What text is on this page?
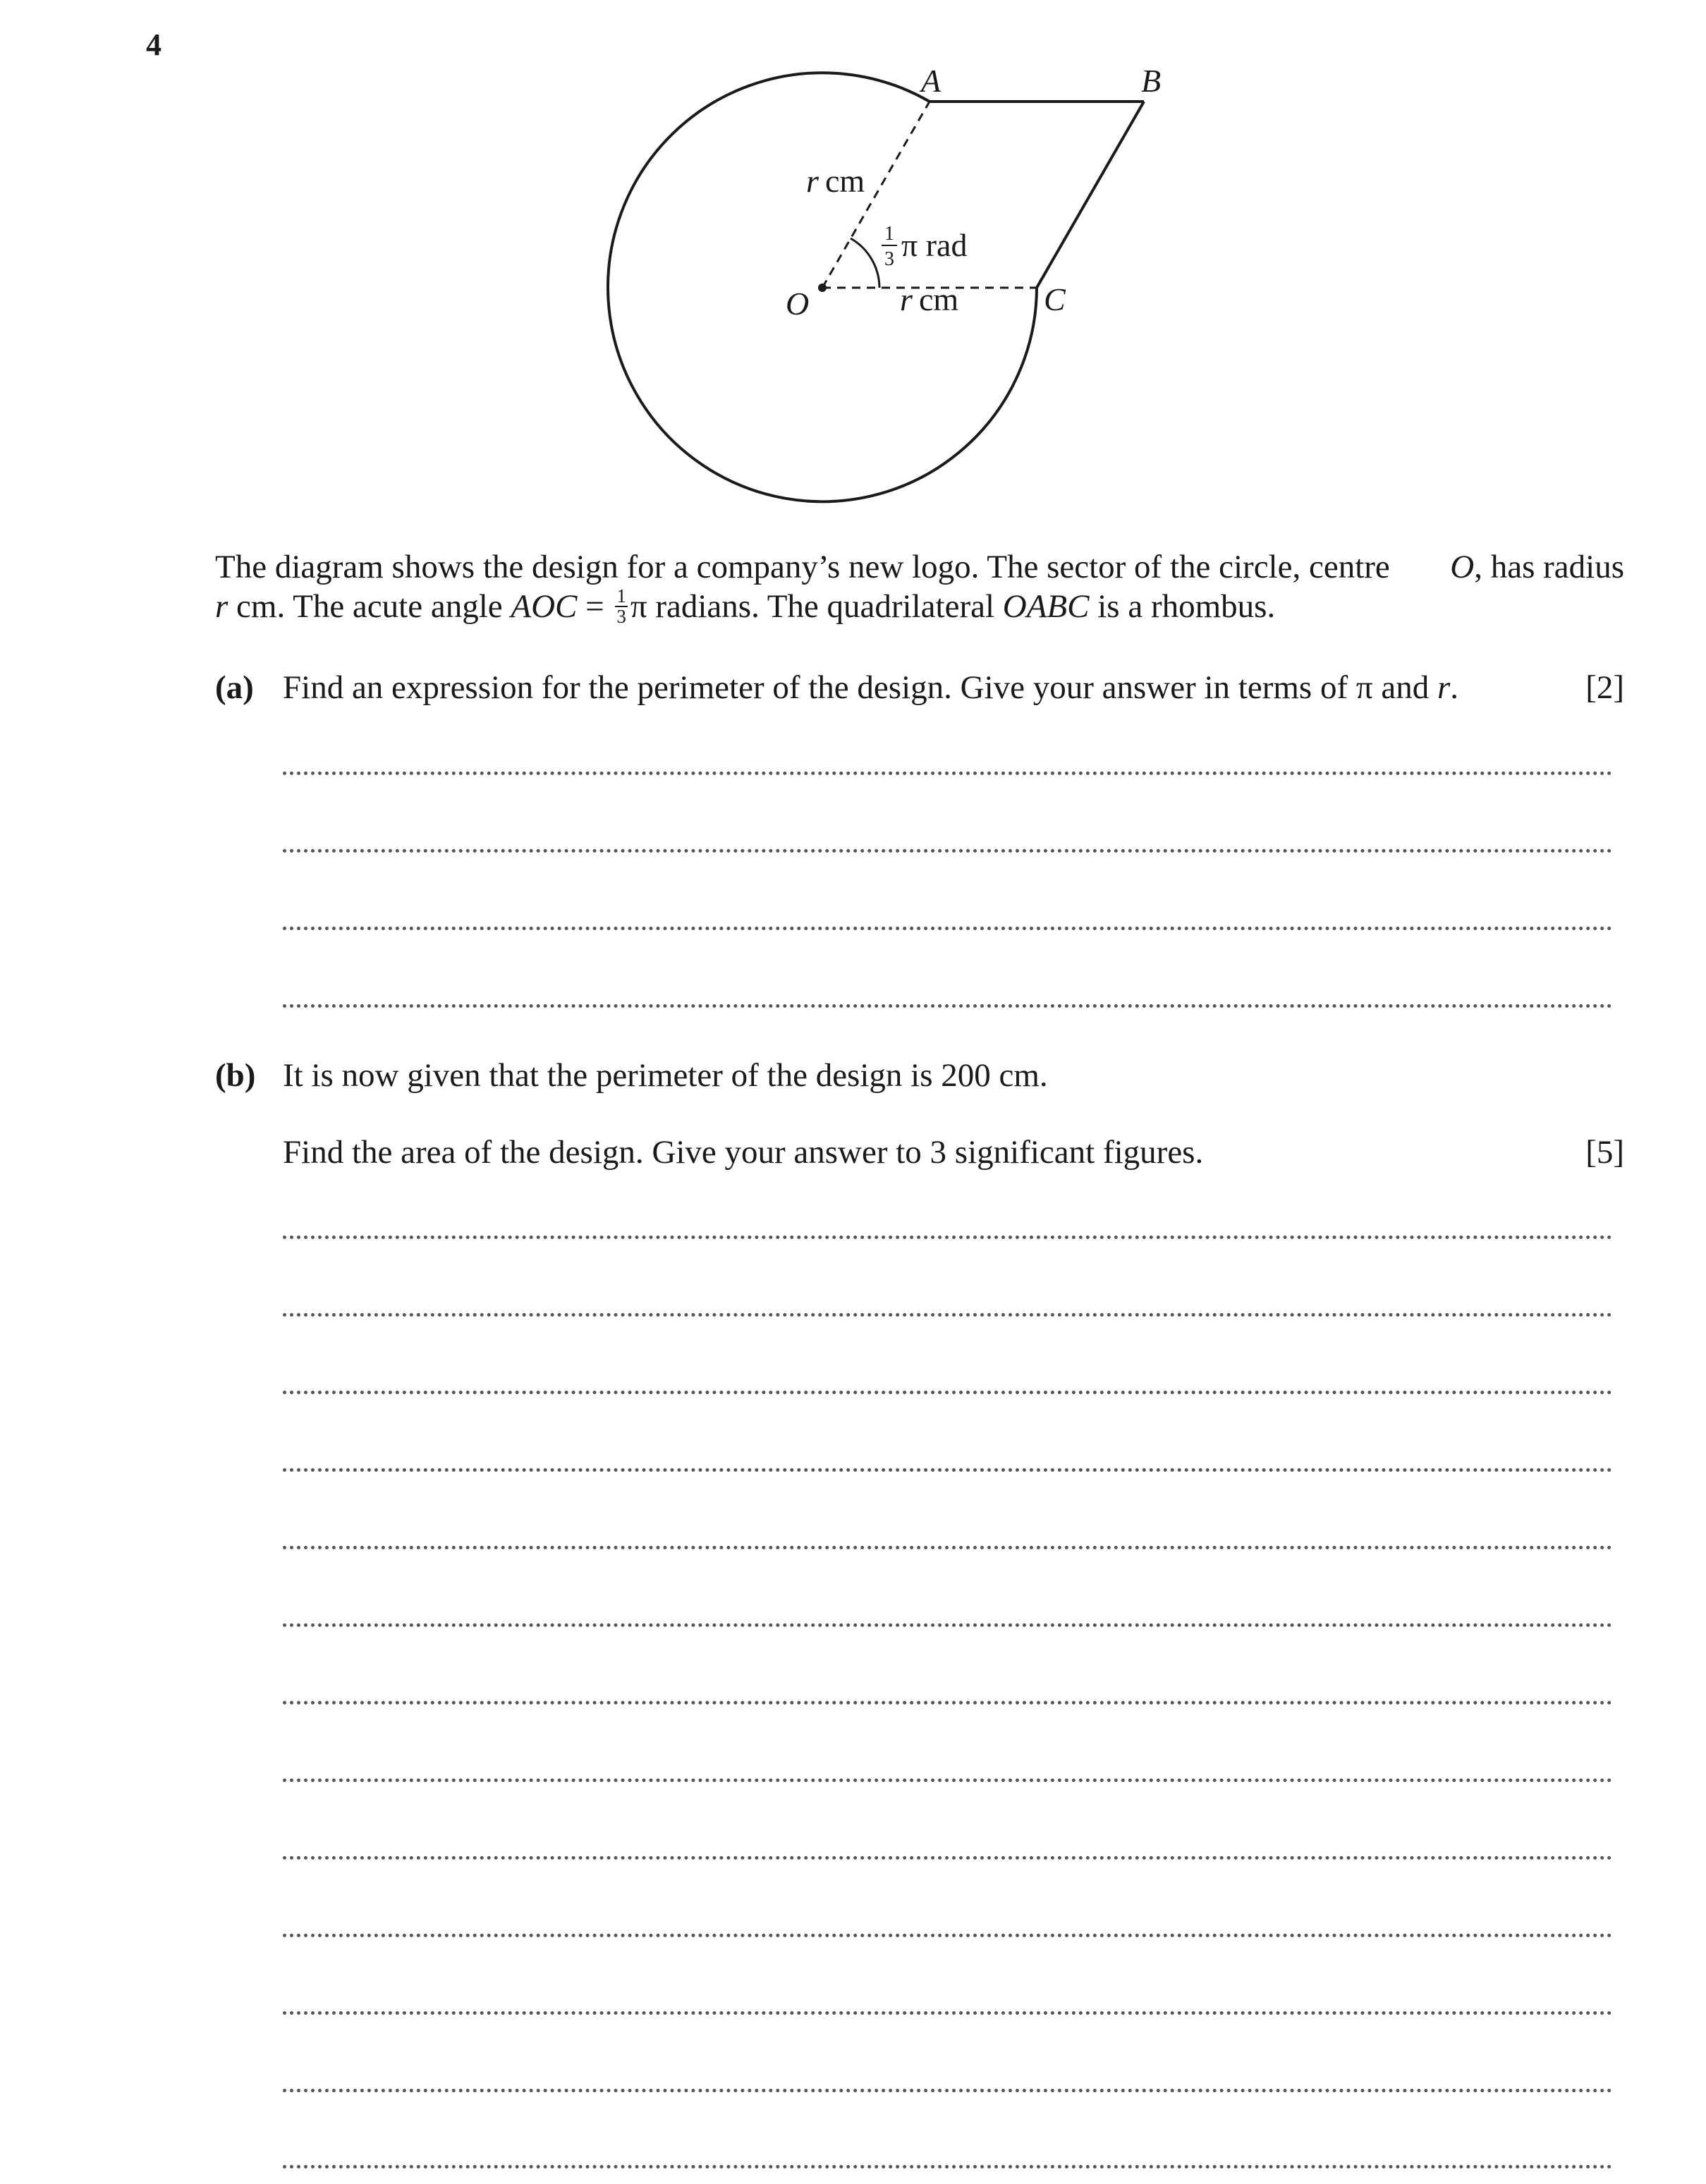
4
A	B
C
O
r cm
r cm
1
3 π rad
The diagram shows the design for a company’s new logo. The sector of the circle, centre O, has radius
r cm. The acute angle AOC = $\frac{1}{3}$ π radians. The quadrilateral OABC is a rhombus.
(a) Find an expression for the perimeter of the design. Give your answer in terms of π and r.	[2]
(b) It is now given that the perimeter of the design is 200 cm.
Find the area of the design. Give your answer to 3 significant figures.	[5]
